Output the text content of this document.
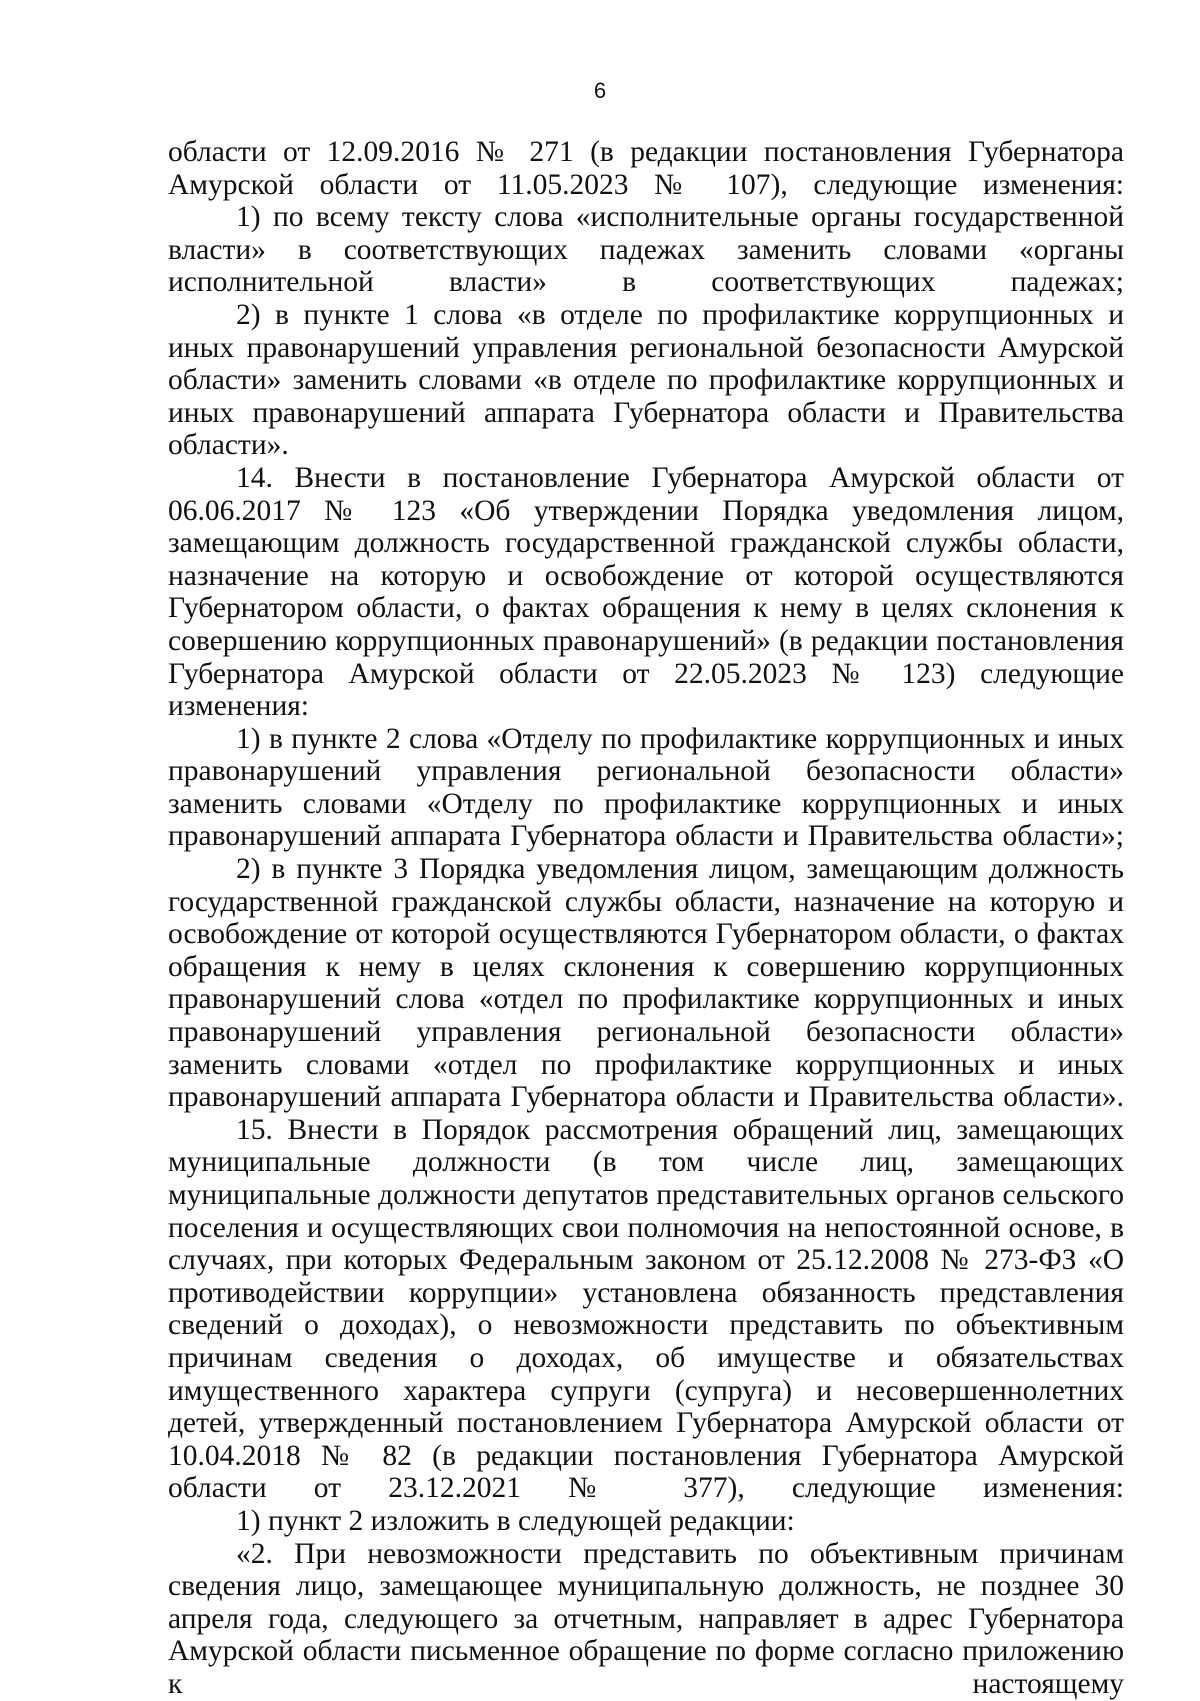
6

области от 12.09.2016 № 271 (в редакции постановления Губернатора Амурской области от 11.05.2023 № 107), следующие изменения:

1) по всему тексту слова «исполнительные органы государственной власти» в соответствующих падежах заменить словами «органы исполнительной власти» в соответствующих падежах;

2) в пункте 1 слова «в отделе по профилактике коррупционных и иных правонарушений управления региональной безопасности Амурской области» заменить словами «в отделе по профилактике коррупционных и иных правонарушений аппарата Губернатора области и Правительства области».

14. Внести в постановление Губернатора Амурской области от 06.06.2017 № 123 «Об утверждении Порядка уведомления лицом, замещающим должность государственной гражданской службы области, назначение на которую и освобождение от которой осуществляются Губернатором области, о фактах обращения к нему в целях склонения к совершению коррупционных правонарушений» (в редакции постановления Губернатора Амурской области от 22.05.2023 № 123) следующие изменения:

1) в пункте 2 слова «Отделу по профилактике коррупционных и иных правонарушений управления региональной безопасности области» заменить словами «Отделу по профилактике коррупционных и иных правонарушений аппарата Губернатора области и Правительства области»;

2) в пункте 3 Порядка уведомления лицом, замещающим должность государственной гражданской службы области, назначение на которую и освобождение от которой осуществляются Губернатором области, о фактах обращения к нему в целях склонения к совершению коррупционных правонарушений слова «отдел по профилактике коррупционных и иных правонарушений управления региональной безопасности области» заменить словами «отдел по профилактике коррупционных и иных правонарушений аппарата Губернатора области и Правительства области».

15. Внести в Порядок рассмотрения обращений лиц, замещающих муниципальные должности (в том числе лиц, замещающих муниципальные должности депутатов представительных органов сельского поселения и осуществляющих свои полномочия на непостоянной основе, в случаях, при которых Федеральным законом от 25.12.2008 № 273-ФЗ «О противодействии коррупции» установлена обязанность представления сведений о доходах), о невозможности представить по объективным причинам сведения о доходах, об имуществе и обязательствах имущественного характера супруги (супруга) и несовершеннолетних детей, утвержденный постановлением Губернатора Амурской области от 10.04.2018 № 82 (в редакции постановления Губернатора Амурской области от 23.12.2021 № 377), следующие изменения:

1) пункт 2 изложить в следующей редакции:

«2. При невозможности представить по объективным причинам сведения лицо, замещающее муниципальную должность, не позднее 30 апреля года, следующего за отчетным, направляет в адрес Губернатора Амурской области письменное обращение по форме согласно приложению к настоящему
